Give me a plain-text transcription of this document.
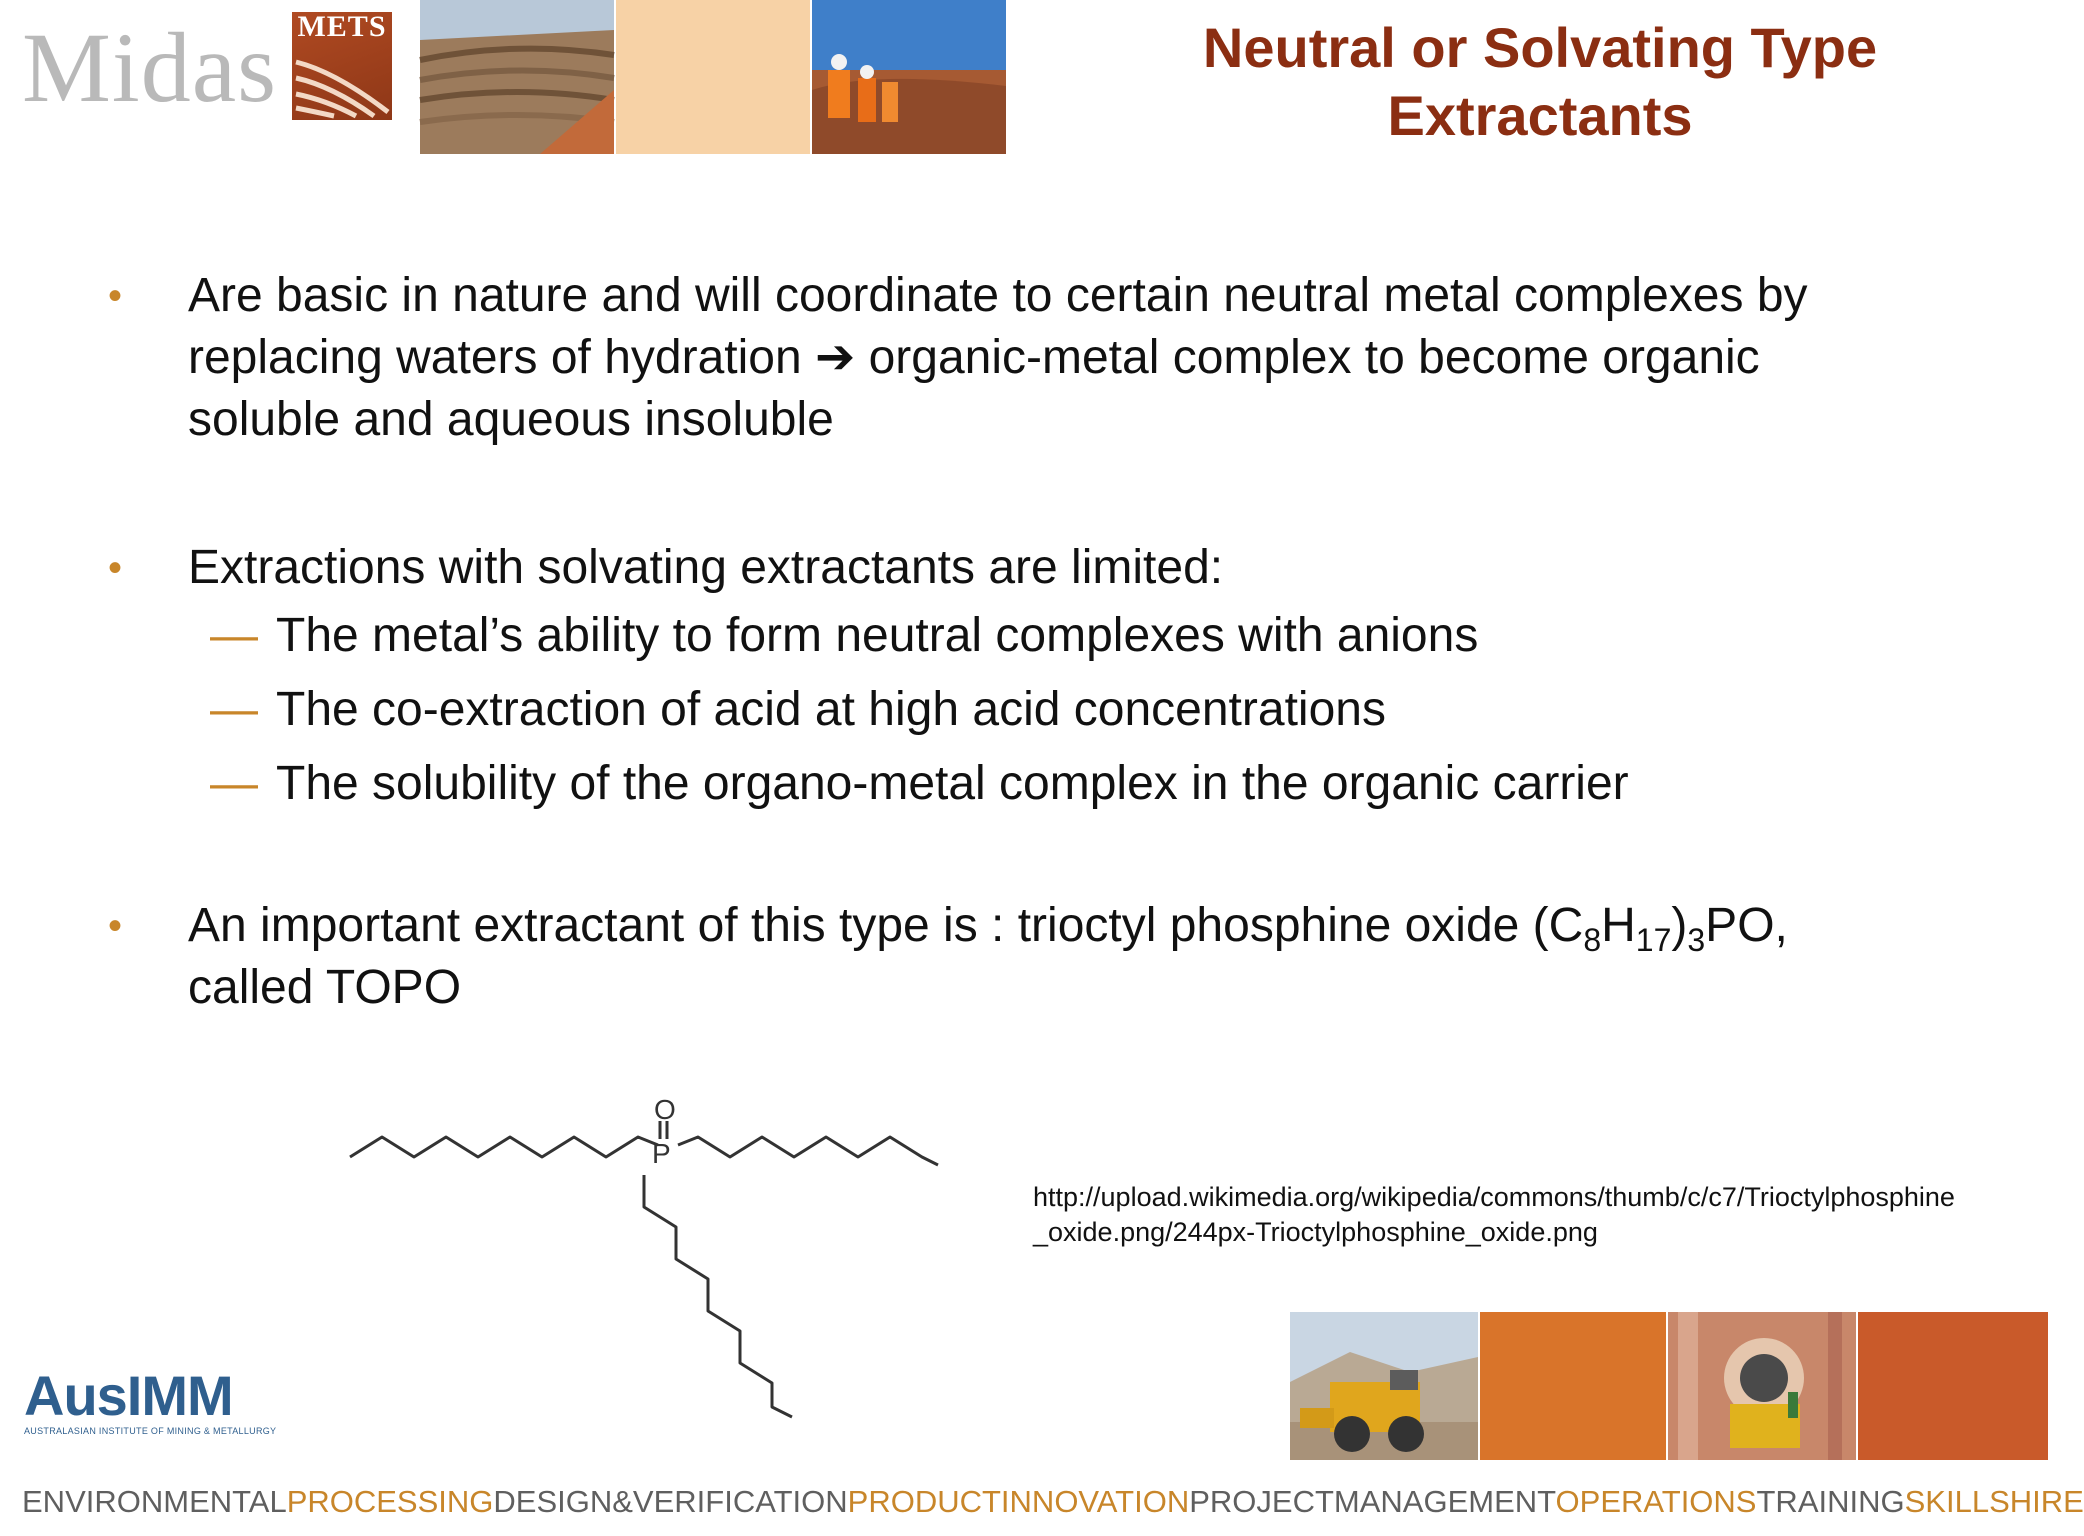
Midas METS	Neutral or Solvating Type
Extractants
• Are basic in nature and will coordinate to certain neutral metal complexes by
replacing waters of hydration ➔ organic-metal complex to become organic
soluble and aqueous insoluble
• Extractions with solvating extractants are limited:
— The metal’s ability to form neutral complexes with anions
— The co-extraction of acid at high acid concentrations
— The solubility of the organo-metal complex in the organic carrier
• An important extractant of this type is : trioctyl phosphine oxide $(C_8H_{17})_3PO$,
called TOPO
O
P
http://upload.wikimedia.org/wikipedia/commons/thumb/c/c7/Trioctylphosphine
_oxide.png/244px-Trioctylphosphine_oxide.png
AusIMM
AUSTRALASIAN INSTITUTE OF MINING & METALLURGY
ENVIRONMENTALPROCESSINGDESIGN&VERIFICATIONPRODUCTINNOVATIONPROJECTMANAGEMENTOPERATIONSTRAININGSKILLSHIRE
